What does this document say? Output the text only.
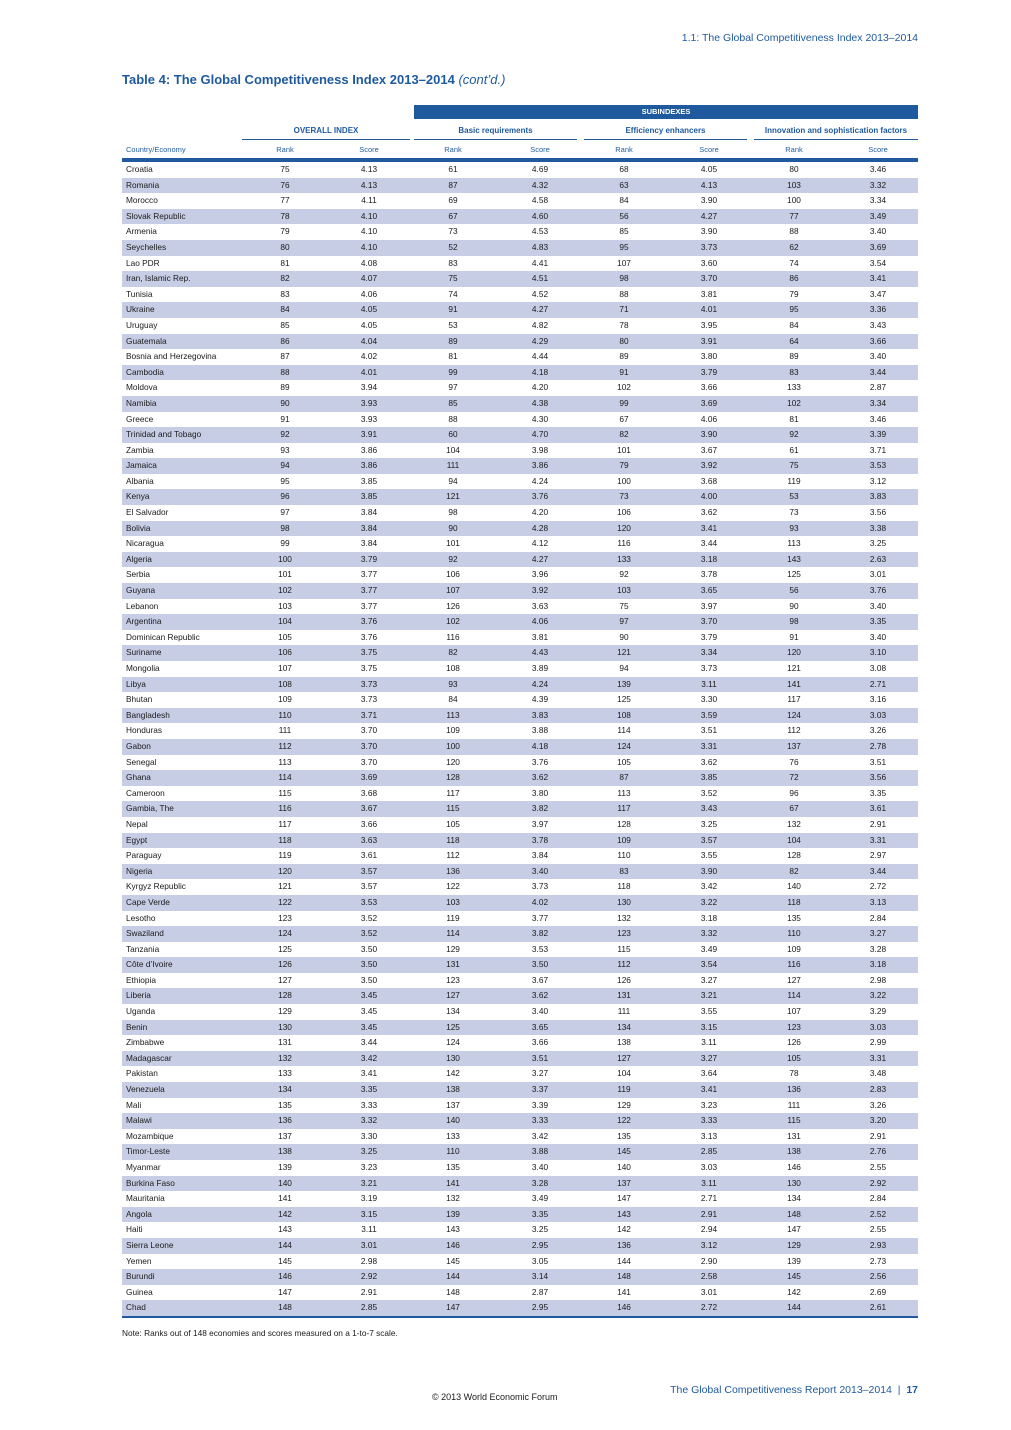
1.1: The Global Competitiveness Index 2013–2014
Table 4: The Global Competitiveness Index 2013–2014 (cont’d.)
SUBINDEXES
OVERALL INDEX	Basic requirements	Efficiency enhancers	Innovation and sophistication factors
Country/Economy	Rank	Score	Rank	Score	Rank	Score	Rank	Score
Croatia	75	4.13	61	4.69	68	4.05	80	3.46
Romania	76	4.13	87	4.32	63	4.13	103	3.32
Morocco	77	4.11	69	4.58	84	3.90	100	3.34
Slovak Republic	78	4.10	67	4.60	56	4.27	77	3.49
Armenia	79	4.10	73	4.53	85	3.90	88	3.40
Seychelles	80	4.10	52	4.83	95	3.73	62	3.69
Lao PDR	81	4.08	83	4.41	107	3.60	74	3.54
Iran, Islamic Rep.	82	4.07	75	4.51	98	3.70	86	3.41
Tunisia	83	4.06	74	4.52	88	3.81	79	3.47
Ukraine	84	4.05	91	4.27	71	4.01	95	3.36
Uruguay	85	4.05	53	4.82	78	3.95	84	3.43
Guatemala	86	4.04	89	4.29	80	3.91	64	3.66
Bosnia and Herzegovina	87	4.02	81	4.44	89	3.80	89	3.40
Cambodia	88	4.01	99	4.18	91	3.79	83	3.44
Moldova	89	3.94	97	4.20	102	3.66	133	2.87
Namibia	90	3.93	85	4.38	99	3.69	102	3.34
Greece	91	3.93	88	4.30	67	4.06	81	3.46
Trinidad and Tobago	92	3.91	60	4.70	82	3.90	92	3.39
Zambia	93	3.86	104	3.98	101	3.67	61	3.71
Jamaica	94	3.86	111	3.86	79	3.92	75	3.53
Albania	95	3.85	94	4.24	100	3.68	119	3.12
Kenya	96	3.85	121	3.76	73	4.00	53	3.83
El Salvador	97	3.84	98	4.20	106	3.62	73	3.56
Bolivia	98	3.84	90	4.28	120	3.41	93	3.38
Nicaragua	99	3.84	101	4.12	116	3.44	113	3.25
Algeria	100	3.79	92	4.27	133	3.18	143	2.63
Serbia	101	3.77	106	3.96	92	3.78	125	3.01
Guyana	102	3.77	107	3.92	103	3.65	56	3.76
Lebanon	103	3.77	126	3.63	75	3.97	90	3.40
Argentina	104	3.76	102	4.06	97	3.70	98	3.35
Dominican Republic	105	3.76	116	3.81	90	3.79	91	3.40
Suriname	106	3.75	82	4.43	121	3.34	120	3.10
Mongolia	107	3.75	108	3.89	94	3.73	121	3.08
Libya	108	3.73	93	4.24	139	3.11	141	2.71
Bhutan	109	3.73	84	4.39	125	3.30	117	3.16
Bangladesh	110	3.71	113	3.83	108	3.59	124	3.03
Honduras	111	3.70	109	3.88	114	3.51	112	3.26
Gabon	112	3.70	100	4.18	124	3.31	137	2.78
Senegal	113	3.70	120	3.76	105	3.62	76	3.51
Ghana	114	3.69	128	3.62	87	3.85	72	3.56
Cameroon	115	3.68	117	3.80	113	3.52	96	3.35
Gambia, The	116	3.67	115	3.82	117	3.43	67	3.61
Nepal	117	3.66	105	3.97	128	3.25	132	2.91
Egypt	118	3.63	118	3.78	109	3.57	104	3.31
Paraguay	119	3.61	112	3.84	110	3.55	128	2.97
Nigeria	120	3.57	136	3.40	83	3.90	82	3.44
Kyrgyz Republic	121	3.57	122	3.73	118	3.42	140	2.72
Cape Verde	122	3.53	103	4.02	130	3.22	118	3.13
Lesotho	123	3.52	119	3.77	132	3.18	135	2.84
Swaziland	124	3.52	114	3.82	123	3.32	110	3.27
Tanzania	125	3.50	129	3.53	115	3.49	109	3.28
Côte d’Ivoire	126	3.50	131	3.50	112	3.54	116	3.18
Ethiopia	127	3.50	123	3.67	126	3.27	127	2.98
Liberia	128	3.45	127	3.62	131	3.21	114	3.22
Uganda	129	3.45	134	3.40	111	3.55	107	3.29
Benin	130	3.45	125	3.65	134	3.15	123	3.03
Zimbabwe	131	3.44	124	3.66	138	3.11	126	2.99
Madagascar	132	3.42	130	3.51	127	3.27	105	3.31
Pakistan	133	3.41	142	3.27	104	3.64	78	3.48
Venezuela	134	3.35	138	3.37	119	3.41	136	2.83
Mali	135	3.33	137	3.39	129	3.23	111	3.26
Malawi	136	3.32	140	3.33	122	3.33	115	3.20
Mozambique	137	3.30	133	3.42	135	3.13	131	2.91
Timor-Leste	138	3.25	110	3.88	145	2.85	138	2.76
Myanmar	139	3.23	135	3.40	140	3.03	146	2.55
Burkina Faso	140	3.21	141	3.28	137	3.11	130	2.92
Mauritania	141	3.19	132	3.49	147	2.71	134	2.84
Angola	142	3.15	139	3.35	143	2.91	148	2.52
Haiti	143	3.11	143	3.25	142	2.94	147	2.55
Sierra Leone	144	3.01	146	2.95	136	3.12	129	2.93
Yemen	145	2.98	145	3.05	144	2.90	139	2.73
Burundi	146	2.92	144	3.14	148	2.58	145	2.56
Guinea	147	2.91	148	2.87	141	3.01	142	2.69
Chad	148	2.85	147	2.95	146	2.72	144	2.61
Note: Ranks out of 148 economies and scores measured on a 1-to-7 scale.
© 2013 World Economic Forum
The Global Competitiveness Report 2013–2014 | 17
